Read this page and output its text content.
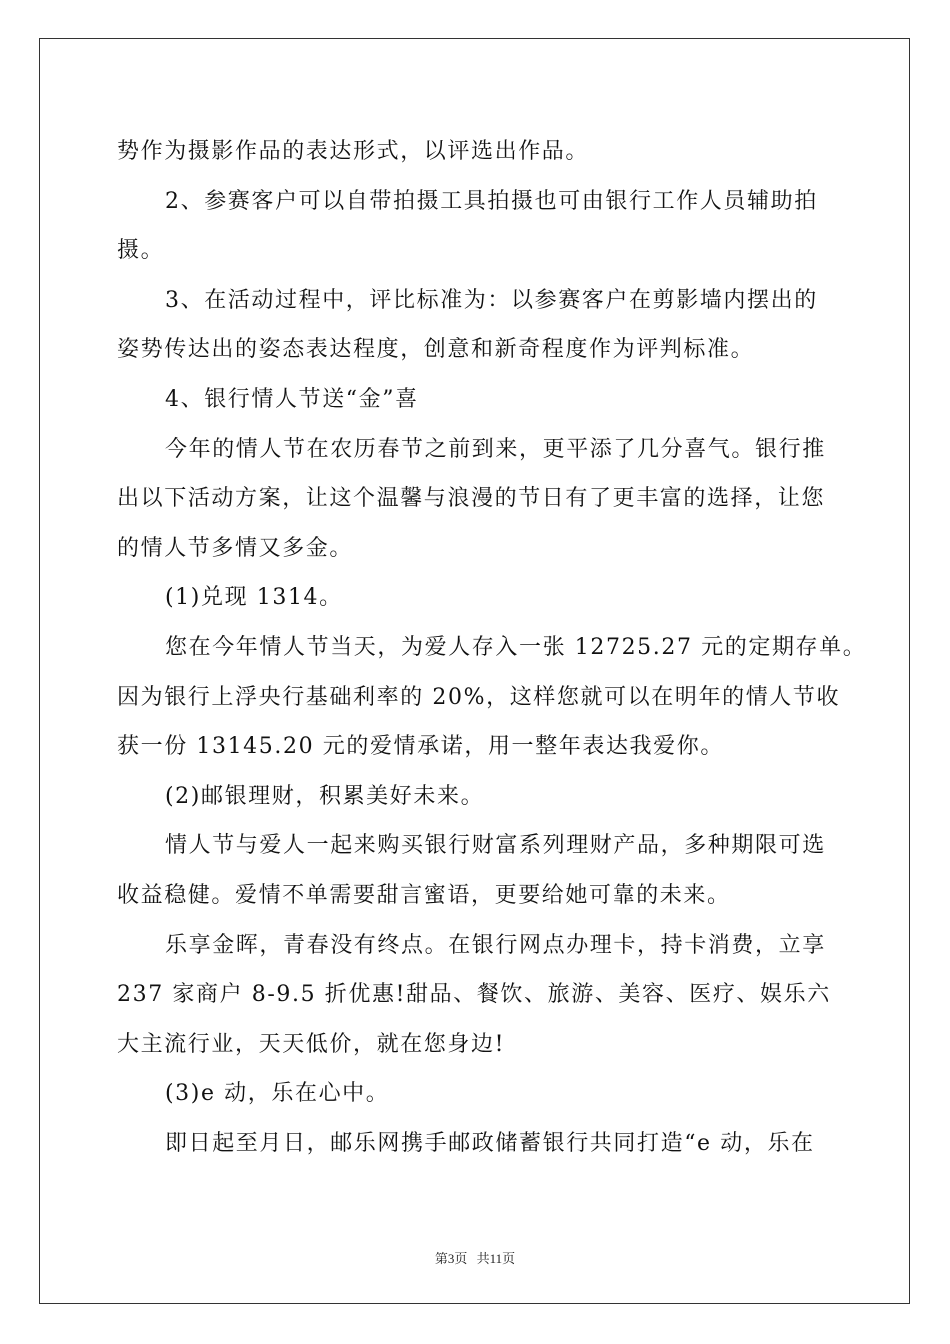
势作为摄影作品的表达形式，以评选出作品。
2、参赛客户可以自带拍摄工具拍摄也可由银行工作人员辅助拍
摄。
3、在活动过程中，评比标准为：以参赛客户在剪影墙内摆出的
姿势传达出的姿态表达程度，创意和新奇程度作为评判标准。
4、银行情人节送“金”喜
今年的情人节在农历春节之前到来，更平添了几分喜气。银行推
出以下活动方案，让这个温馨与浪漫的节日有了更丰富的选择，让您
的情人节多情又多金。
(1)兑现 1314。
您在今年情人节当天，为爱人存入一张 12725.27 元的定期存单。
因为银行上浮央行基础利率的 20%，这样您就可以在明年的情人节收
获一份 13145.20 元的爱情承诺，用一整年表达我爱你。
(2)邮银理财，积累美好未来。
情人节与爱人一起来购买银行财富系列理财产品，多种期限可选
收益稳健。爱情不单需要甜言蜜语，更要给她可靠的未来。
乐享金晖，青春没有终点。在银行网点办理卡，持卡消费，立享
237 家商户 8-9.5 折优惠!甜品、餐饮、旅游、美容、医疗、娱乐六
大主流行业，天天低价，就在您身边!
(3)e 动，乐在心中。
即日起至月日，邮乐网携手邮政储蓄银行共同打造“e 动，乐在
第3页 共11页
